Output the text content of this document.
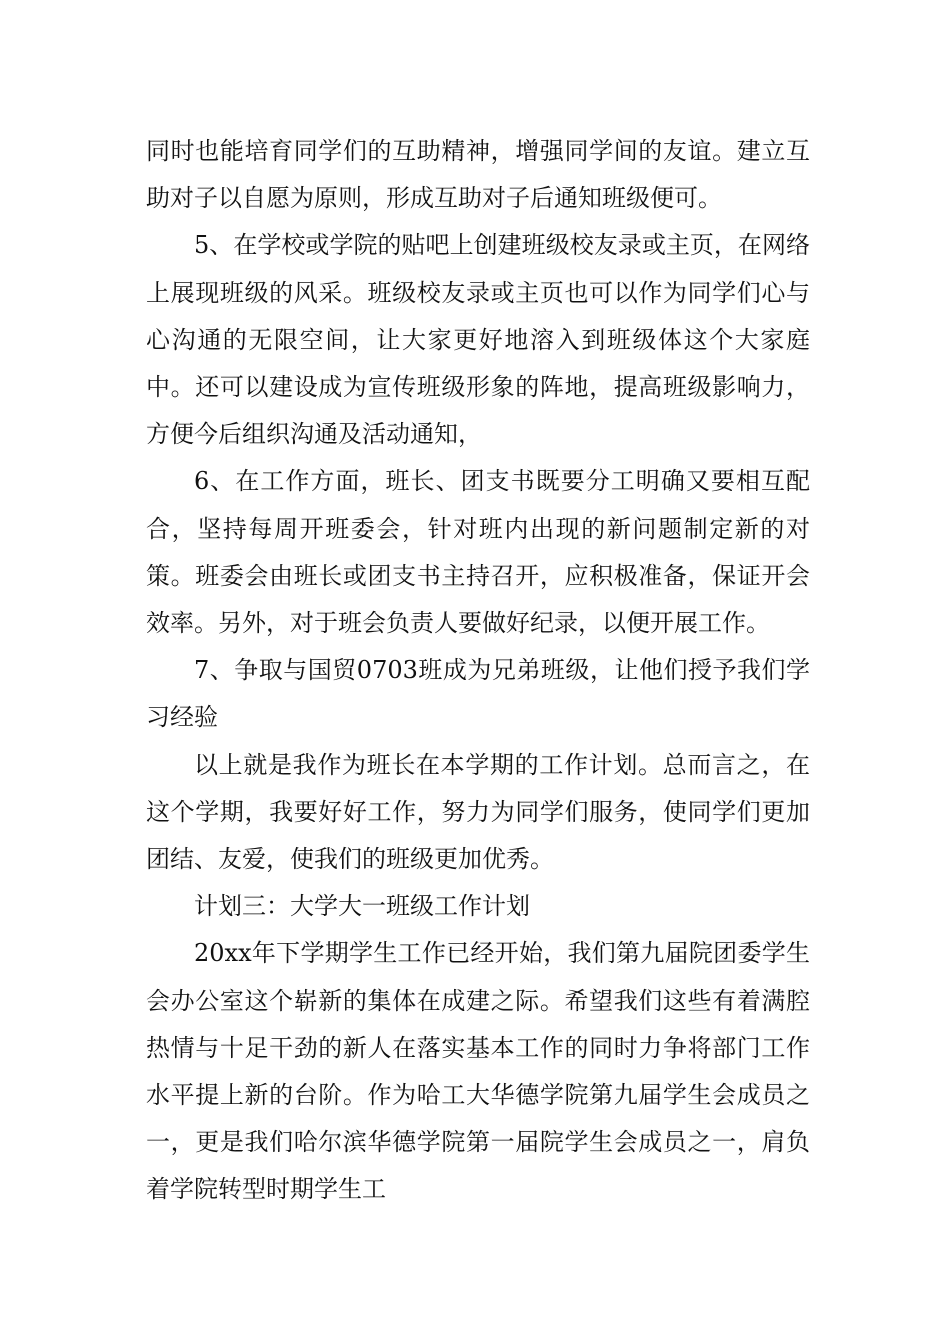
同时也能培育同学们的互助精神，增强同学间的友谊。建立互助对子以自愿为原则，形成互助对子后通知班级便可。

5、在学校或学院的贴吧上创建班级校友录或主页，在网络上展现班级的风采。班级校友录或主页也可以作为同学们心与心沟通的无限空间，让大家更好地溶入到班级体这个大家庭中。还可以建设成为宣传班级形象的阵地，提高班级影响力，方便今后组织沟通及活动通知，

6、在工作方面，班长、团支书既要分工明确又要相互配合，坚持每周开班委会，针对班内出现的新问题制定新的对策。班委会由班长或团支书主持召开，应积极准备，保证开会效率。另外，对于班会负责人要做好纪录，以便开展工作。

7、争取与国贸0703班成为兄弟班级，让他们授予我们学习经验

以上就是我作为班长在本学期的工作计划。总而言之，在这个学期，我要好好工作，努力为同学们服务，使同学们更加团结、友爱，使我们的班级更加优秀。

计划三：大学大一班级工作计划

20xx年下学期学生工作已经开始，我们第九届院团委学生会办公室这个崭新的集体在成建之际。希望我们这些有着满腔热情与十足干劲的新人在落实基本工作的同时力争将部门工作水平提上新的台阶。作为哈工大华德学院第九届学生会成员之一，更是我们哈尔滨华德学院第一届院学生会成员之一，肩负着学院转型时期学生工
